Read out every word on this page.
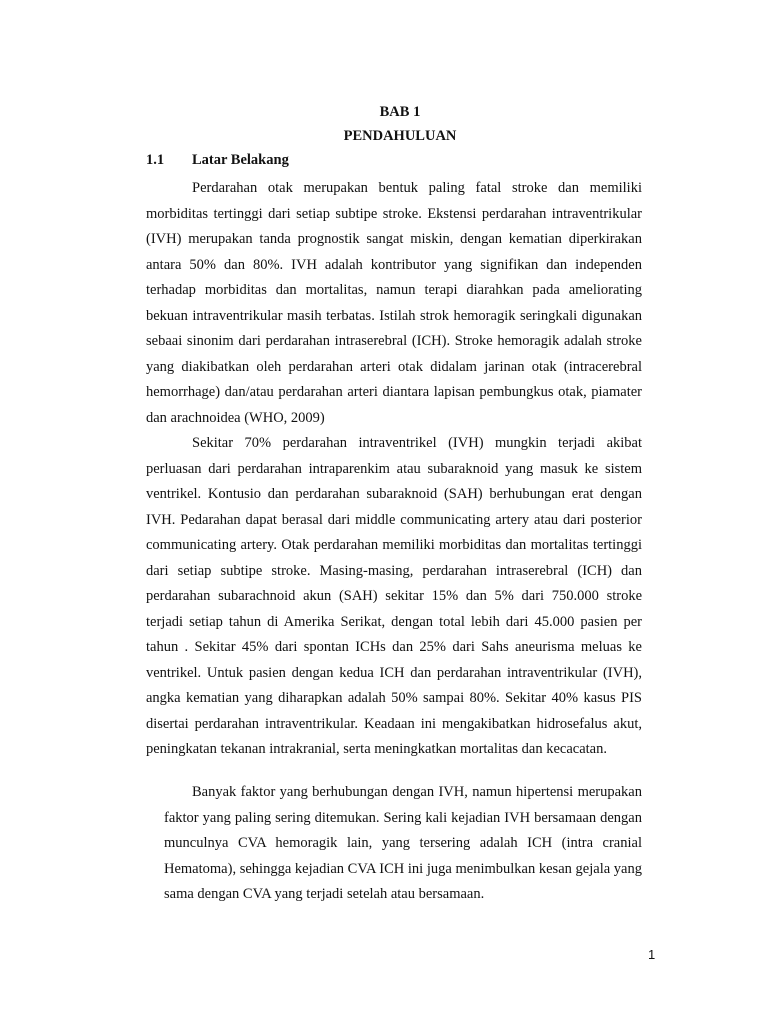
BAB 1
PENDAHULUAN
1.1 Latar Belakang

Perdarahan otak merupakan bentuk paling fatal stroke dan memiliki morbiditas tertinggi dari setiap subtipe stroke. Ekstensi perdarahan intraventrikular (IVH) merupakan tanda prognostik sangat miskin, dengan kematian diperkirakan antara 50% dan 80%. IVH adalah kontributor yang signifikan dan independen terhadap morbiditas dan mortalitas, namun terapi diarahkan pada ameliorating bekuan intraventrikular masih terbatas. Istilah strok hemoragik seringkali digunakan sebaai sinonim dari perdarahan intraserebral (ICH). Stroke hemoragik adalah stroke yang diakibatkan oleh perdarahan arteri otak didalam jarinan otak (intracerebral hemorrhage) dan/atau perdarahan arteri diantara lapisan pembungkus otak, piamater dan arachnoidea (WHO, 2009)

Sekitar 70% perdarahan intraventrikel (IVH) mungkin terjadi akibat perluasan dari perdarahan intraparenkim atau subaraknoid yang masuk ke sistem ventrikel. Kontusio dan perdarahan subaraknoid (SAH) berhubungan erat dengan IVH. Pedarahan dapat berasal dari middle communicating artery atau dari posterior communicating artery. Otak perdarahan memiliki morbiditas dan mortalitas tertinggi dari setiap subtipe stroke. Masing-masing, perdarahan intraserebral (ICH) dan perdarahan subarachnoid akun (SAH) sekitar 15% dan 5% dari 750.000 stroke terjadi setiap tahun di Amerika Serikat, dengan total lebih dari 45.000 pasien per tahun . Sekitar 45% dari spontan ICHs dan 25% dari Sahs aneurisma meluas ke ventrikel. Untuk pasien dengan kedua ICH dan perdarahan intraventrikular (IVH), angka kematian yang diharapkan adalah 50% sampai 80%. Sekitar 40% kasus PIS disertai perdarahan intraventrikular. Keadaan ini mengakibatkan hidrosefalus akut, peningkatan tekanan intrakranial, serta meningkatkan mortalitas dan kecacatan.

Banyak faktor yang berhubungan dengan IVH, namun hipertensi merupakan faktor yang paling sering ditemukan. Sering kali kejadian IVH bersamaan dengan munculnya CVA hemoragik lain, yang tersering adalah ICH (intra cranial Hematoma), sehingga kejadian CVA ICH ini juga menimbulkan kesan gejala yang sama dengan CVA yang terjadi setelah atau bersamaan.

1
